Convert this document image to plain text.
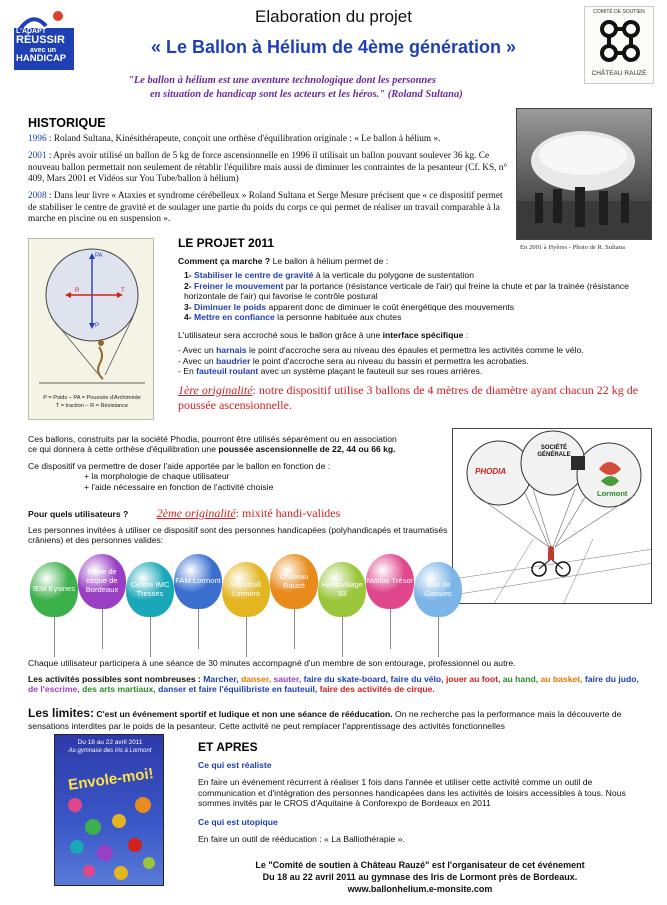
L'ADAPT
RÉUSSIR
avec un
HANDICAP
Elaboration du projet
« Le Ballon à Hélium de 4ème génération »
COMITÉ DE SOUTIEN
CHÂTEAU RAUZÉ
"Le ballon à hélium est une aventure technologique dont les personnes
en situation de handicap sont les acteurs et les héros." (Roland Sultana)
HISTORIQUE

1996 : Roland Sultana, Kinésithérapeute, conçoit une orthèse d'équilibration originale : « Le ballon à hélium ».

2001 : Après avoir utilisé un ballon de 5 kg de force ascensionnelle en 1996 il utilisait un ballon pouvant soulever 36 kg. Ce nouveau ballon permettait non seulement de rétablir l'équilibre mais aussi de diminuer les contraintes de la pesanteur (Cf. KS, n° 409, Mars 2001 et Vidéos sur You Tube/ballon à hélium)

2008 : Dans leur livre « Ataxies et syndrome cérébelleux » Roland Sultana et Serge Mesure précisent que « ce dispositif permet de stabiliser le centre de gravité et de soulager une partie du poids du corps ce qui permet de réaliser un travail comparable à la marche en piscine ou en suspension ».

En 2001 à Hyères - Photo de R. Sultana
PA
P
R	T
P = Poids – PA = Poussée d'Archimède
T = traction – R = Résistance
LE PROJET 2011
Comment ça marche ? Le ballon à hélium permet de :
1- Stabiliser le centre de gravité à la verticale du polygone de sustentation
2- Freiner le mouvement par la portance (résistance verticale de l'air) qui freine la chute et par la trainée (résistance horizontale de l'air) qui favorise le contrôle postural
3- Diminuer le poids apparent donc de diminuer le coût énergétique des mouvements
4- Mettre en confiance la personne habituée aux chutes
L'utilisateur sera accroché sous le ballon grâce à une interface spécifique :
- Avec un harnais le point d'accroche sera au niveau des épaules et permettra les activités comme le vélo.
- Avec un baudrier le point d'accroche sera au niveau du bassin et permettra les acrobaties.
- En fauteuil roulant avec un système plaçant le fauteuil sur ses roues arrières.
1ère originalité: notre dispositif utilise 3 ballons de 4 mètres de diamètre ayant chacun 22 kg de poussée ascensionnelle.
Ces ballons, construits par la société Phodia, pourront être utilisés séparément ou en association
ce qui donnera à cette orthèse d'équilibration une poussée ascensionnelle de 22, 44 ou 66 kg.
Ce dispositif va permettre de doser l'aide apportée par le ballon en fonction de :
+ la morphologie de chaque utilisateur
+ l'aide nécessaire en fonction de l'activité choisie
PHODIA
SOCIÉTÉ GÉNÉRALE
Lormont
Pour quels utilisateurs ? 2ème originalité: mixité handi-valides
Les personnes invitées à utiliser ce dispositif sont des personnes handicapées (polyhandicapés et traumatisés crâniens) et des personnes valides:
IEM Eysines
École de cirque de Bordeaux
Centre IMC Tresses
FAM Lormont	Handball Lormont
Château Rauzé	Handivillage 33
Marius Trésor	Tour de Gassies
Chaque utilisateur participera à une séance de 30 minutes accompagné d'un membre de son entourage, professionnel ou autre.
Les activités possibles sont nombreuses : Marcher, danser, sauter, faire du skate-board, faire du vélo, jouer au foot, au hand, au basket, faire du judo, de l'escrime, des arts martiaux, danser et faire l'équilibriste en fauteuil, faire des activités de cirque.
Les limites: C'est un événement sportif et ludique et non une séance de rééducation. On ne recherche pas la performance mais la découverte de sensations interdites par le poids de la pesanteur. Cette activité ne peut remplacer l'apprentissage des activités fonctionnelles
Du 18 au 22 avril 2011
Au gymnase des Iris à Lormont
Envole-moi!
ET APRES
Ce qui est réaliste
En faire un événement récurrent à réaliser 1 fois dans l'année et utiliser cette activité comme un outil de communication et d'intégration des personnes handicapées dans les activités de loisirs accessibles à tous. Nous sommes invités par le CROS d'Aquitaine à Conforexpo de Bordeaux en 2011
Ce qui est utopique
En faire un outil de rééducation : « La Balliothérapie ».
Le "Comité de soutien à Château Rauzé" est l'organisateur de cet événement
Du 18 au 22 avril 2011 au gymnase des Iris de Lormont près de Bordeaux.
www.ballonhelium.e-monsite.com
